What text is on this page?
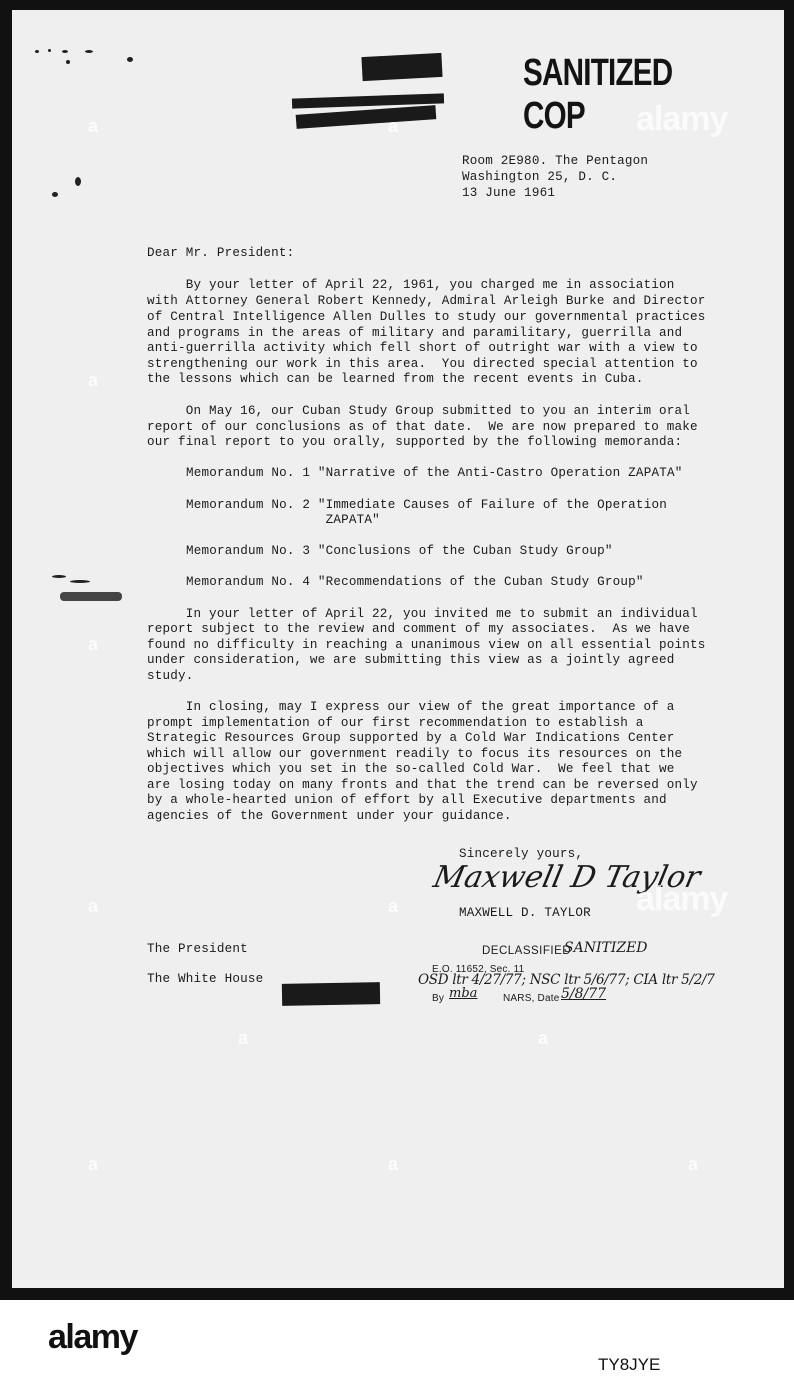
SANITIZED COP
Room 2E980. The Pentagon
Washington 25, D. C.
13 June 1961
Dear Mr. President:
By your letter of April 22, 1961, you charged me in association
with Attorney General Robert Kennedy, Admiral Arleigh Burke and Director
of Central Intelligence Allen Dulles to study our governmental practices
and programs in the areas of military and paramilitary, guerrilla and
anti-guerrilla activity which fell short of outright war with a view to
strengthening our work in this area.  You directed special attention to
the lessons which can be learned from the recent events in Cuba.
On May 16, our Cuban Study Group submitted to you an interim oral
report of our conclusions as of that date.  We are now prepared to make
our final report to you orally, supported by the following memoranda:
Memorandum No. 1 "Narrative of the Anti-Castro Operation ZAPATA"
Memorandum No. 2 "Immediate Causes of Failure of the Operation
ZAPATA"
Memorandum No. 3 "Conclusions of the Cuban Study Group"
Memorandum No. 4 "Recommendations of the Cuban Study Group"
In your letter of April 22, you invited me to submit an individual
report subject to the review and comment of my associates.  As we have
found no difficulty in reaching a unanimous view on all essential points
under consideration, we are submitting this view as a jointly agreed
study.
In closing, may I express our view of the great importance of a
prompt implementation of our first recommendation to establish a
Strategic Resources Group supported by a Cold War Indications Center
which will allow our government readily to focus its resources on the
objectives which you set in the so-called Cold War.  We feel that we
are losing today on many fronts and that the trend can be reversed only
by a whole-hearted union of effort by all Executive departments and
agencies of the Government under your guidance.
Sincerely yours,
Maxwell D Taylor
MAXWELL D. TAYLOR
The President
The White House
DECLASSIFIED
SANITIZED
E.O. 11652, Sec. 11
OSD ltr 4/27/77; NSC ltr 5/6/77; CIA ltr 5/2/7
By mba	NARS, Date 5/8/77
alamy
alamy
a
a
a
a
a
a
a
a
a
a
a
alamy
TY8JYE
